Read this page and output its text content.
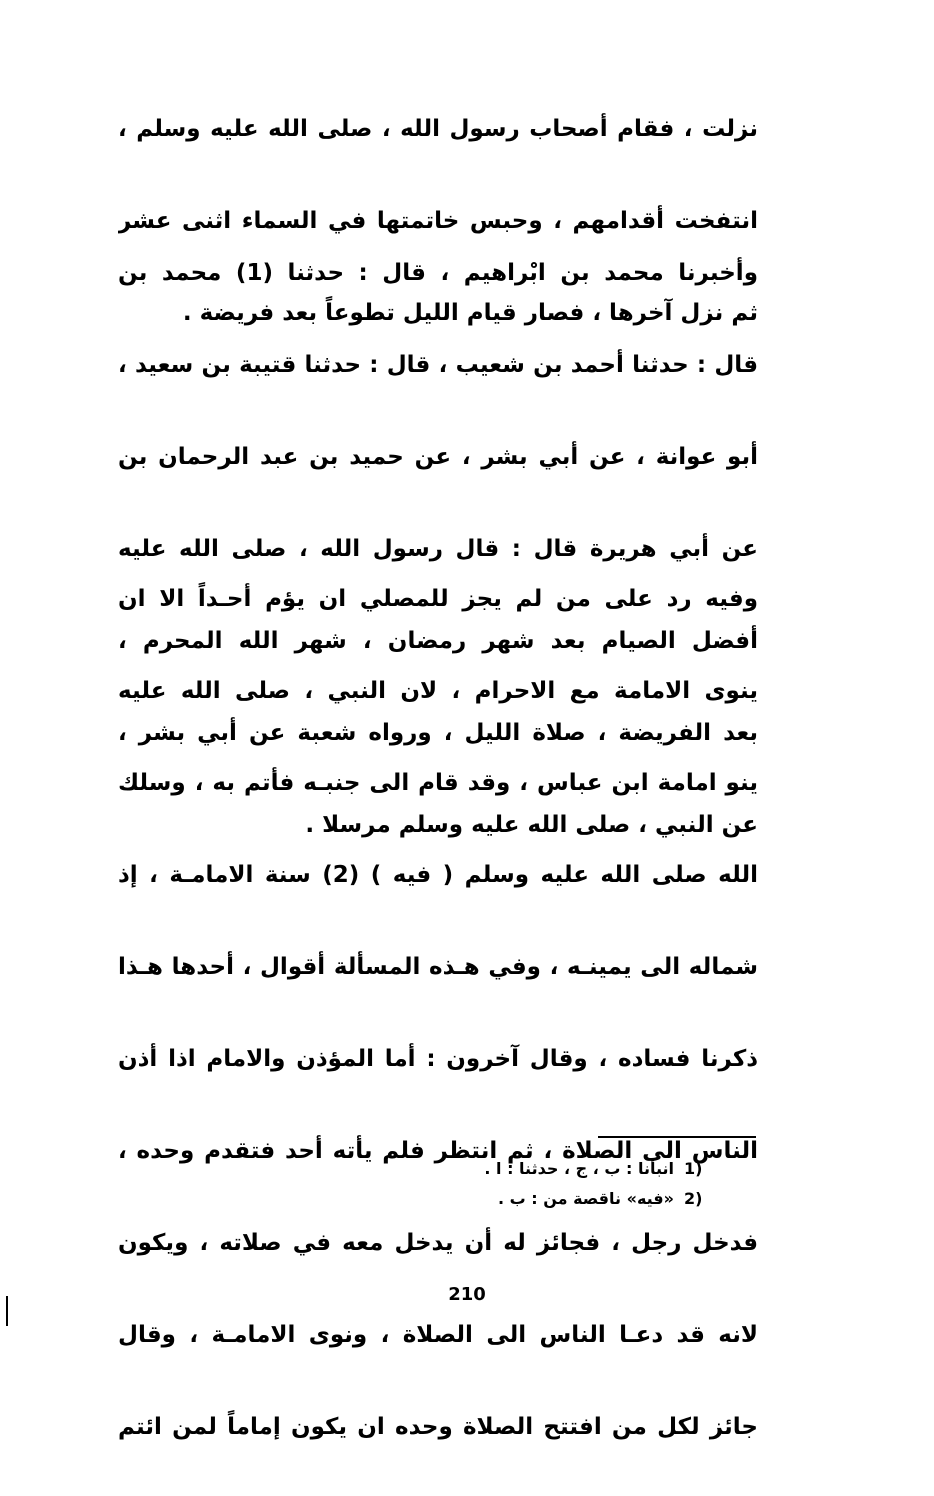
نزلت ، فقام أصحاب رسول الله ، صلى الله عليه وسلم ،

انتفخت أقدامهم ، وحبس خاتمتها في السماء اثنى عشر

ثم نزل آخرها ، فصار قيام الليل تطوعاً بعد فريضة .

وأخبرنا محمد بن ابْراهيم ، قال : حدثنا (1) محمد بن

قال : حدثنا أحمد بن شعيب ، قال : حدثنا قتيبة بن سعيد ،

أبو عوانة ، عن أبي بشر ، عن حميد بن عبد الرحمان بن

عن أبي هريرة قال : قال رسول الله ، صلى الله عليه

أفضل الصيام بعد شهر رمضان ، شهر الله المحرم ،

بعد الفريضة ، صلاة الليل ، ورواه شعبة عن أبي بشر ،

عن النبي ، صلى الله عليه وسلم مرسلا .

وفيه رد على من لم يجز للمصلي ان يؤم أحـداً الا ان

ينوى الامامة مع الاحرام ، لان النبي ، صلى الله عليه

ينو امامة ابن عباس ، وقد قام الى جنبـه فأتم به ، وسلك

الله صلى الله عليه وسلم ( فيه ) (2) سنة الامامـة ، إذ

شماله الى يمينـه ، وفي هـذه المسألة أقوال ، أحدها هـذا

ذكرنا فساده ، وقال آخرون : أما المؤذن والامام اذا أذن

الناس الى الصلاة ، ثم انتظر فلم يأته أحد فتقدم وحده ،

فدخل رجل ، فجائز له أن يدخل معه في صلاته ، ويكون

لانه قد دعـا الناس الى الصلاة ، ونوى الامامـة ، وقال

جائز لكل من افتتح الصلاة وحده ان يكون إماماً لمن ائتم

1)
انبأنا : ب ، ج ، حدثنا : ا .
2)
«فيه» ناقصة من : ب .
210
